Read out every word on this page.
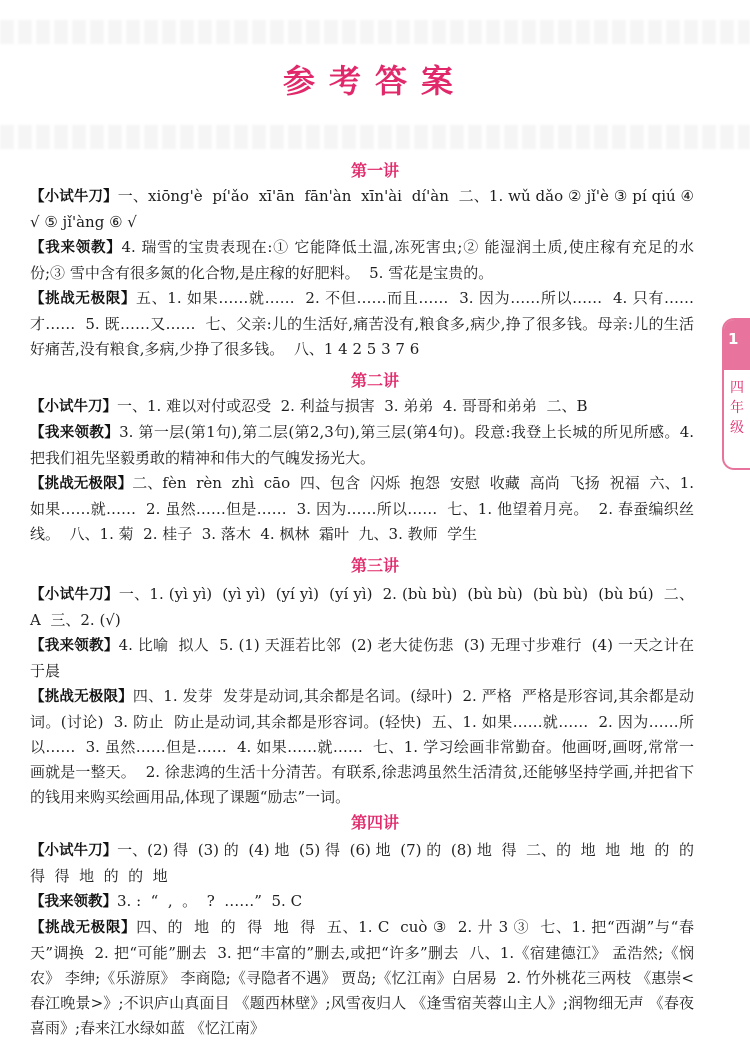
参考答案
第一讲

【小试牛刀】一、xiōng'è  pí'ǎo  xī'ān  fān'àn  xīn'ài  dí'àn  二、1. wǔ dǎo ② jǐ'è ③ pí qiú ④ √ ⑤ jǐ'àng ⑥ √

【我来领教】4. 瑞雪的宝贵表现在:① 它能降低土温,冻死害虫;② 能湿润土质,使庄稼有充足的水份;③ 雪中含有很多氮的化合物,是庄稼的好肥料。  5. 雪花是宝贵的。

【挑战无极限】五、1. 如果……就……  2. 不但……而且……  3. 因为……所以……  4. 只有……才……  5. 既……又……  七、父亲:儿的生活好,痛苦没有,粮食多,病少,挣了很多钱。母亲:儿的生活好痛苦,没有粮食,多病,少挣了很多钱。  八、1 4 2 5 3 7 6

第二讲

【小试牛刀】一、1. 难以对付或忍受  2. 利益与损害  3. 弟弟  4. 哥哥和弟弟  二、B

【我来领教】3. 第一层(第1句),第二层(第2,3句),第三层(第4句)。段意:我登上长城的所见所感。4. 把我们祖先坚毅勇敢的精神和伟大的气魄发扬光大。

【挑战无极限】二、fèn  rèn  zhì  cāo  四、包含  闪烁  抱怨  安慰  收藏  高尚  飞扬  祝福  六、1. 如果……就……  2. 虽然……但是……  3. 因为……所以……  七、1. 他望着月亮。  2. 春蚕编织丝线。  八、1. 菊  2. 桂子  3. 落木  4. 枫林  霜叶  九、3. 教师  学生

第三讲

【小试牛刀】一、1. (yì yì)  (yì yì)  (yí yì)  (yí yì)  2. (bù bù)  (bù bù)  (bù bù)  (bù bú)  二、A  三、2. (√)

【我来领教】4. 比喻  拟人  5. (1) 天涯若比邻  (2) 老大徒伤悲  (3) 无理寸步难行  (4) 一天之计在于晨

【挑战无极限】四、1. 发芽  发芽是动词,其余都是名词。(绿叶)  2. 严格  严格是形容词,其余都是动词。(讨论)  3. 防止  防止是动词,其余都是形容词。(轻快)  五、1. 如果……就……  2. 因为……所以……  3. 虽然……但是……  4. 如果……就……  七、1. 学习绘画非常勤奋。他画呀,画呀,常常一画就是一整天。  2. 徐悲鸿的生活十分清苦。有联系,徐悲鸿虽然生活清贫,还能够坚持学画,并把省下的钱用来购买绘画用品,体现了课题“励志”一词。

第四讲

【小试牛刀】一、(2) 得  (3) 的  (4) 地  (5) 得  (6) 地  (7) 的  (8) 地  得  二、的  地  地  地  的  的  得  得  地  的  的  地

【我来领教】3. :  “  ,  。  ?  ……”  5. C

【挑战无极限】四、的  地  的  得  地  得  五、1. C  cuò ③  2. 廾 3 ③  七、1. 把“西湖”与“春天”调换  2. 把“可能”删去  3. 把“丰富的”删去,或把“许多”删去  八、1.《宿建德江》 孟浩然;《悯农》 李绅;《乐游原》 李商隐;《寻隐者不遇》 贾岛;《忆江南》白居易  2. 竹外桃花三两枝 《惠崇<春江晚景>》;不识庐山真面目 《题西林壁》;风雪夜归人 《逢雪宿芙蓉山主人》;润物细无声 《春夜喜雨》;春来江水绿如蓝 《忆江南》

1
四年级
